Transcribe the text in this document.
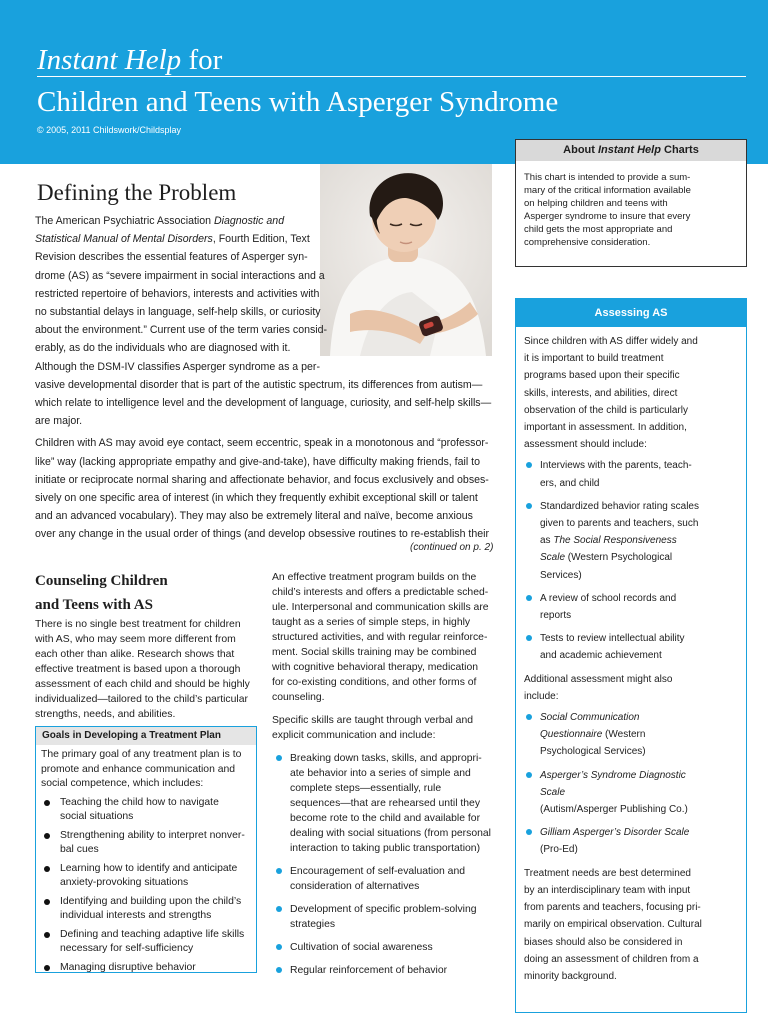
Instant Help for
Children and Teens with Asperger Syndrome
© 2005, 2011 Childswork/Childsplay
About Instant Help Charts
This chart is intended to provide a sum-
mary of the critical information available
on helping children and teens with
Asperger syndrome to insure that every
child gets the most appropriate and
comprehensive consideration.
Assessing AS

Since children with AS differ widely and
it is important to build treatment
programs based upon their specific
skills, interests, and abilities, direct
observation of the child is particularly
important in assessment. In addition,
assessment should include:

Interviews with the parents, teach-
ers, and child
Standardized behavior rating scales
given to parents and teachers, such
as The Social Responsiveness
Scale (Western Psychological
Services)
A review of school records and
reports
Tests to review intellectual ability
and academic achievement

Additional assessment might also
include:

Social Communication
Questionnaire (Western
Psychological Services)
Asperger’s Syndrome Diagnostic
Scale
(Autism/Asperger Publishing Co.)
Gilliam Asperger’s Disorder Scale
(Pro-Ed)

Treatment needs are best determined
by an interdisciplinary team with input
from parents and teachers, focusing pri-
marily on empirical observation. Cultural
biases should also be considered in
doing an assessment of children from a
minority background.

Defining the Problem
The American Psychiatric Association Diagnostic and
Statistical Manual of Mental Disorders, Fourth Edition, Text
Revision describes the essential features of Asperger syn-
drome (AS) as “severe impairment in social interactions and a
restricted repertoire of behaviors, interests and activities with
no substantial delays in language, self-help skills, or curiosity
about the environment.” Current use of the term varies consid-
erably, as do the individuals who are diagnosed with it.
Although the DSM-IV classifies Asperger syndrome as a per-
vasive developmental disorder that is part of the autistic spectrum, its differences from autism—
which relate to intelligence level and the development of language, curiosity, and self-help skills—
are major.
Children with AS may avoid eye contact, seem eccentric, speak in a monotonous and “professor-
like” way (lacking appropriate empathy and give-and-take), have difficulty making friends, fail to
initiate or reciprocate normal sharing and affectionate behavior, and focus exclusively and obses-
sively on one specific area of interest (in which they frequently exhibit exceptional skill or talent
and an advanced vocabulary). They may also be extremely literal and naïve, become anxious
over any change in the usual order of things (and develop obsessive routines to re-establish their
(continued on p. 2)
Counseling Children
and Teens with AS
There is no single best treatment for children
with AS, who may seem more different from
each other than alike. Research shows that
effective treatment is based upon a thorough
assessment of each child and should be highly
individualized—tailored to the child’s particular
strengths, needs, and abilities.
Goals in Developing a Treatment Plan
The primary goal of any treatment plan is to
promote and enhance communication and
social competence, which includes:
Teaching the child how to navigate
social situations
Strengthening ability to interpret nonver-
bal cues
Learning how to identify and anticipate
anxiety-provoking situations
Identifying and building upon the child’s
individual interests and strengths
Defining and teaching adaptive life skills
necessary for self-sufficiency
Managing disruptive behavior
An effective treatment program builds on the
child’s interests and offers a predictable sched-
ule. Interpersonal and communication skills are
taught as a series of simple steps, in highly
structured activities, and with regular reinforce-
ment. Social skills training may be combined
with cognitive behavioral therapy, medication
for co-existing conditions, and other forms of
counseling.
Specific skills are taught through verbal and
explicit communication and include:
Breaking down tasks, skills, and appropri-
ate behavior into a series of simple and
complete steps—essentially, rule
sequences—that are rehearsed until they
become rote to the child and available for
dealing with social situations (from personal
interaction to taking public transportation)
Encouragement of self-evaluation and
consideration of alternatives
Development of specific problem-solving
strategies
Cultivation of social awareness
Regular reinforcement of behavior
